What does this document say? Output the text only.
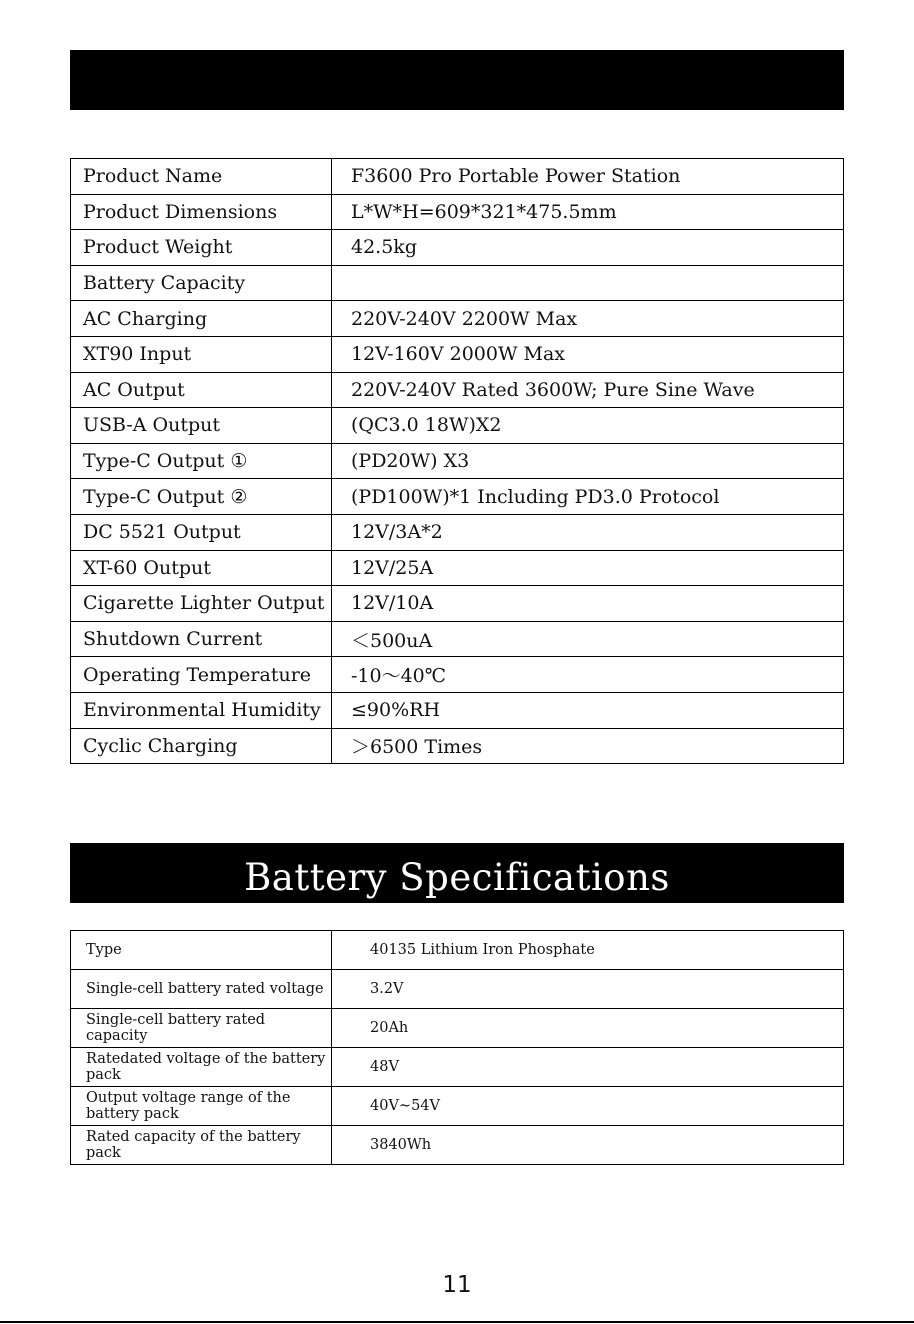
Product Name	F3600 Pro Portable Power Station
Product Dimensions	L*W*H=609*321*475.5mm
Product Weight	42.5kg
Battery Capacity	
AC Charging	220V-240V 2200W Max
XT90 Input	12V-160V 2000W Max
AC Output	220V-240V Rated 3600W; Pure Sine Wave
USB-A Output	(QC3.0 18W)X2
Type-C Output ①	(PD20W) X3
Type-C Output ②	(PD100W)*1 Including PD3.0 Protocol
DC 5521 Output	12V/3A*2
XT-60 Output	12V/25A
Cigarette Lighter Output	12V/10A
Shutdown Current	＜500uA
Operating Temperature	-10～40℃
Environmental Humidity	≤90%RH
Cyclic Charging	＞6500 Times
Battery Specifications
Type	40135 Lithium Iron Phosphate
Single-cell battery rated voltage	3.2V
Single-cell battery rated capacity	20Ah
Ratedated voltage of the battery pack	48V
Output voltage range of the battery pack	40V~54V
Rated capacity of the battery pack	3840Wh
11
